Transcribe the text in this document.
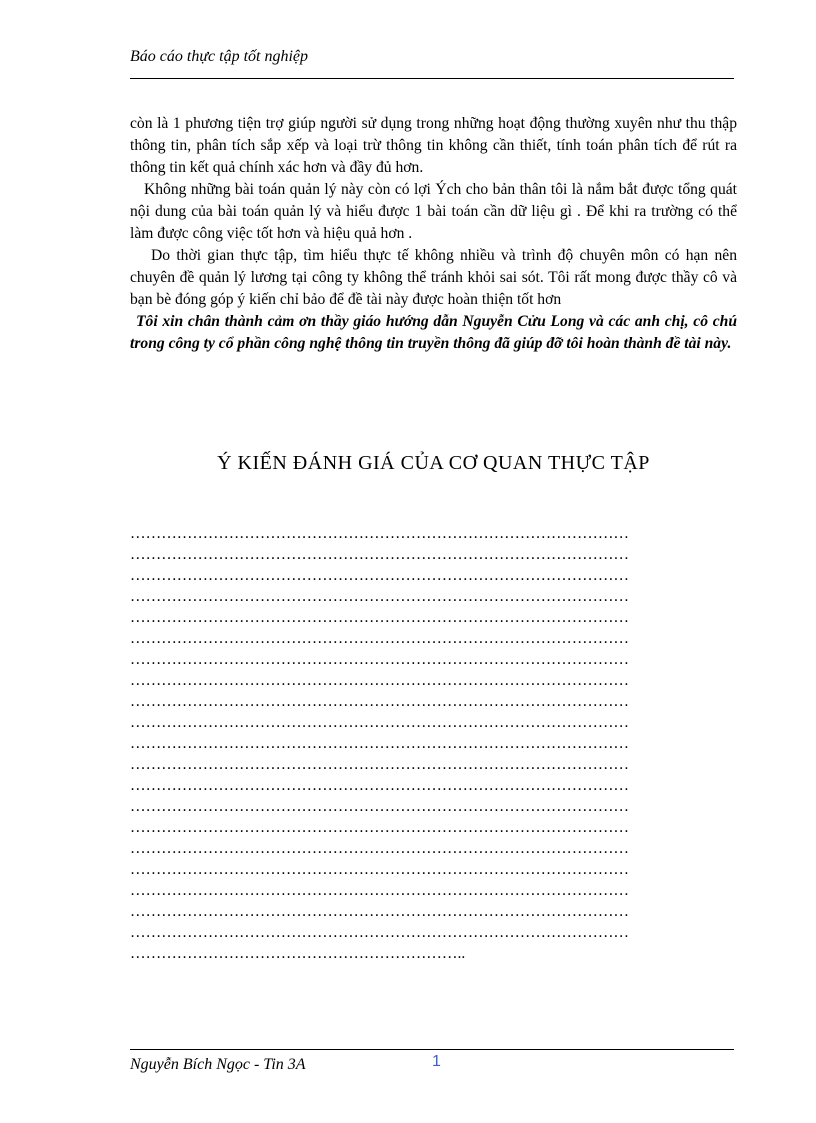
Báo cáo thực tập tốt nghiệp

còn là 1 phương tiện trợ giúp người sử dụng trong những hoạt động thường xuyên như thu thập thông tin, phân tích sắp xếp và loại trừ thông tin không cần thiết, tính toán phân tích để rút ra thông tin kết quả chính xác hơn và đầy đủ hơn.

Không những bài toán quản lý này còn có lợi Ých cho bản thân tôi là nắm bắt được tổng quát nội dung của bài toán quản lý và hiểu được 1 bài toán cần dữ liệu gì . Để khi ra trường có thể làm được công việc tốt hơn và hiệu quả hơn .

Do thời gian thực tập, tìm hiểu thực tế không nhiều và trình độ chuyên môn có hạn nên chuyên đề quản lý lương tại công ty không thể tránh khỏi sai sót. Tôi rất mong được thầy cô và bạn bè đóng góp ý kiến chỉ bảo để đề tài này được hoàn thiện tốt hơn

Tôi xin chân thành cảm ơn thầy giáo hướng dẫn Nguyễn Cửu Long và các anh chị, cô chú trong công ty cổ phần công nghệ thông tin truyền thông đã giúp đỡ tôi hoàn thành đề tài này.

Ý KIẾN ĐÁNH GIÁ CỦA CƠ QUAN THỰC TẬP
……………………………………………………………………………………
……………………………………………………………………………………
……………………………………………………………………………………
……………………………………………………………………………………
……………………………………………………………………………………
……………………………………………………………………………………
……………………………………………………………………………………
……………………………………………………………………………………
……………………………………………………………………………………
……………………………………………………………………………………
……………………………………………………………………………………
……………………………………………………………………………………
……………………………………………………………………………………
……………………………………………………………………………………
……………………………………………………………………………………
……………………………………………………………………………………
……………………………………………………………………………………
……………………………………………………………………………………
……………………………………………………………………………………
……………………………………………………………………………………
………………………………………………………..
Nguyễn Bích Ngọc - Tin 3A	1
